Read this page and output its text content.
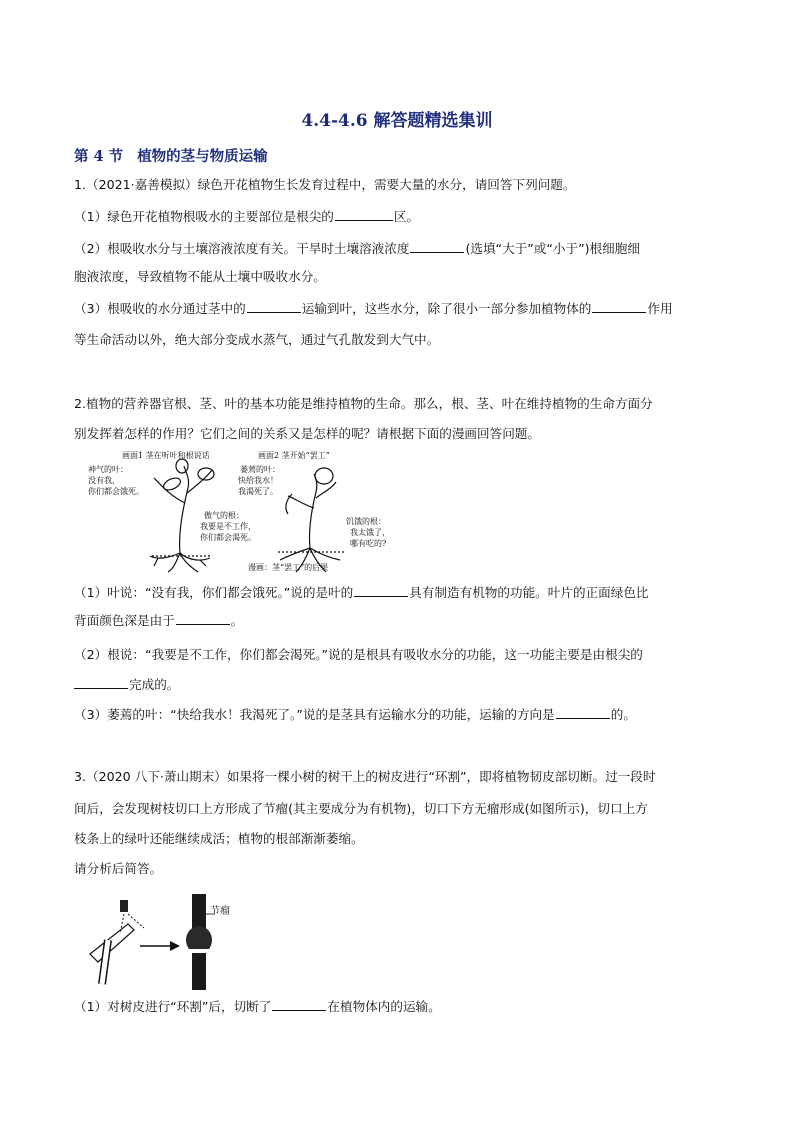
4.4-4.6 解答题精选集训
第 4 节 植物的茎与物质运输
1.（2021·嘉善模拟）绿色开花植物生长发育过程中，需要大量的水分，请回答下列问题。
（1）绿色开花植物根吸水的主要部位是根尖的	区。
（2）根吸收水分与土壤溶液浓度有关。干旱时土壤溶液浓度	(选填“大于”或“小于”)根细胞细
胞液浓度，导致植物不能从土壤中吸收水分。
（3）根吸收的水分通过茎中的	运输到叶，这些水分，除了很小一部分参加植物体的	作用
等生命活动以外，绝大部分变成水蒸气，通过气孔散发到大气中。
2.植物的营养器官根、茎、叶的基本功能是维持植物的生命。那么，根、茎、叶在维持植物的生命方面分
别发挥着怎样的作用？它们之间的关系又是怎样的呢？请根据下面的漫画回答问题。
画面1 茎在听叶和根说话	画面2 茎开始“罢工”
神气的叶：
没有我，
你们都会饿死。
傲气的根：
我要是不工作，
你们都会渴死。
萎蔫的叶：
快给我水！
我渴死了。
饥饿的根：
我太饿了，
哪有吃的?
漫画：茎“罢工”的后果
（1）叶说：“没有我，你们都会饿死。”说的是叶的	具有制造有机物的功能。叶片的正面绿色比
背面颜色深是由于	。
（2）根说：“我要是不工作，你们都会渴死。”说的是根具有吸收水分的功能，这一功能主要是由根尖的
完成的。
（3）萎蔫的叶：“快给我水！我渴死了。”说的是茎具有运输水分的功能，运输的方向是	的。
3.（2020 八下·萧山期末）如果将一棵小树的树干上的树皮进行“环割”，即将植物韧皮部切断。过一段时
间后，会发现树枝切口上方形成了节瘤(其主要成分为有机物)，切口下方无瘤形成(如图所示)，切口上方
枝条上的绿叶还能继续成活；植物的根部渐渐萎缩。
请分析后简答。
节瘤
（1）对树皮进行“环割”后，切断了	在植物体内的运输。
